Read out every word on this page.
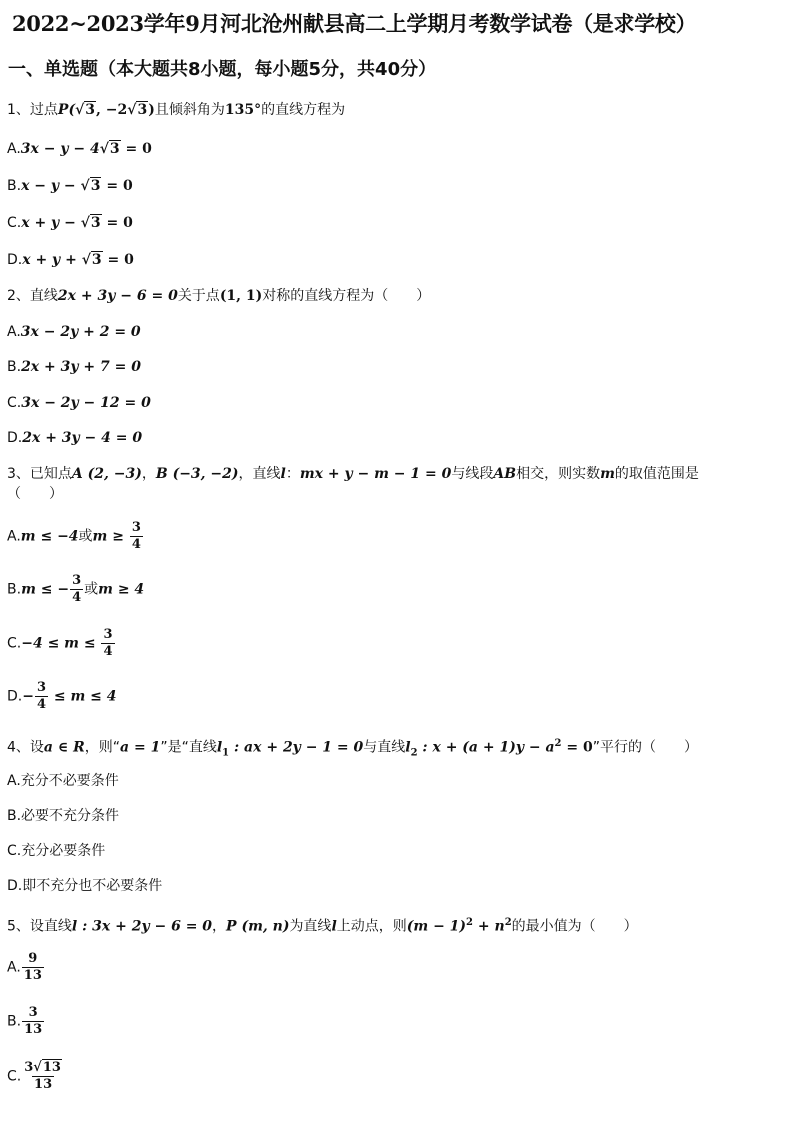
2022~2023学年9月河北沧州献县高二上学期月考数学试卷（是求学校）
一、单选题（本大题共8小题，每小题5分，共40分）
1、过点P(√3, −2√3)且倾斜角为135°的直线方程为
A.3x − y − 4√3 = 0
B.x − y − √3 = 0
C.x + y − √3 = 0
D.x + y + √3 = 0
2、直线2x + 3y − 6 = 0关于点(1, 1)对称的直线方程为（　　）
A.3x − 2y + 2 = 0
B.2x + 3y + 7 = 0
C.3x − 2y − 12 = 0
D.2x + 3y − 4 = 0
3、已知点A (2, −3)，B (−3, −2)，直线l：mx + y − m − 1 = 0与线段AB相交，则实数m的取值范围是
（　　）
A.m ≤ −4或$m \ge \frac{3}{4}$
B.m ≤ − $\frac{3}{4}$ 或m ≥ 4
$C.-4 \le m \le \frac{3}{4}$
$D.- \frac{3}{4} \le m \le 4$
4、设a ∈ R，则“a = 1”是“直线$l_1$ : ax + 2y − 1 = 0与直线$l_2$ : $x + (a + 1)y - a^2 = 0$”平行的（　　）
A.充分不必要条件
B.必要不充分条件
C.充分必要条件
D.即不充分也不必要条件
5、设直线l : 3x + 2y − 6 = 0，P (m, n)为直线l上动点，则$(m - 1)^2 + n^2$的最小值为（　　）
A. $\frac{9}{13}$
B. $\frac{3}{13}$
C. $\frac{3√13}{13}$
